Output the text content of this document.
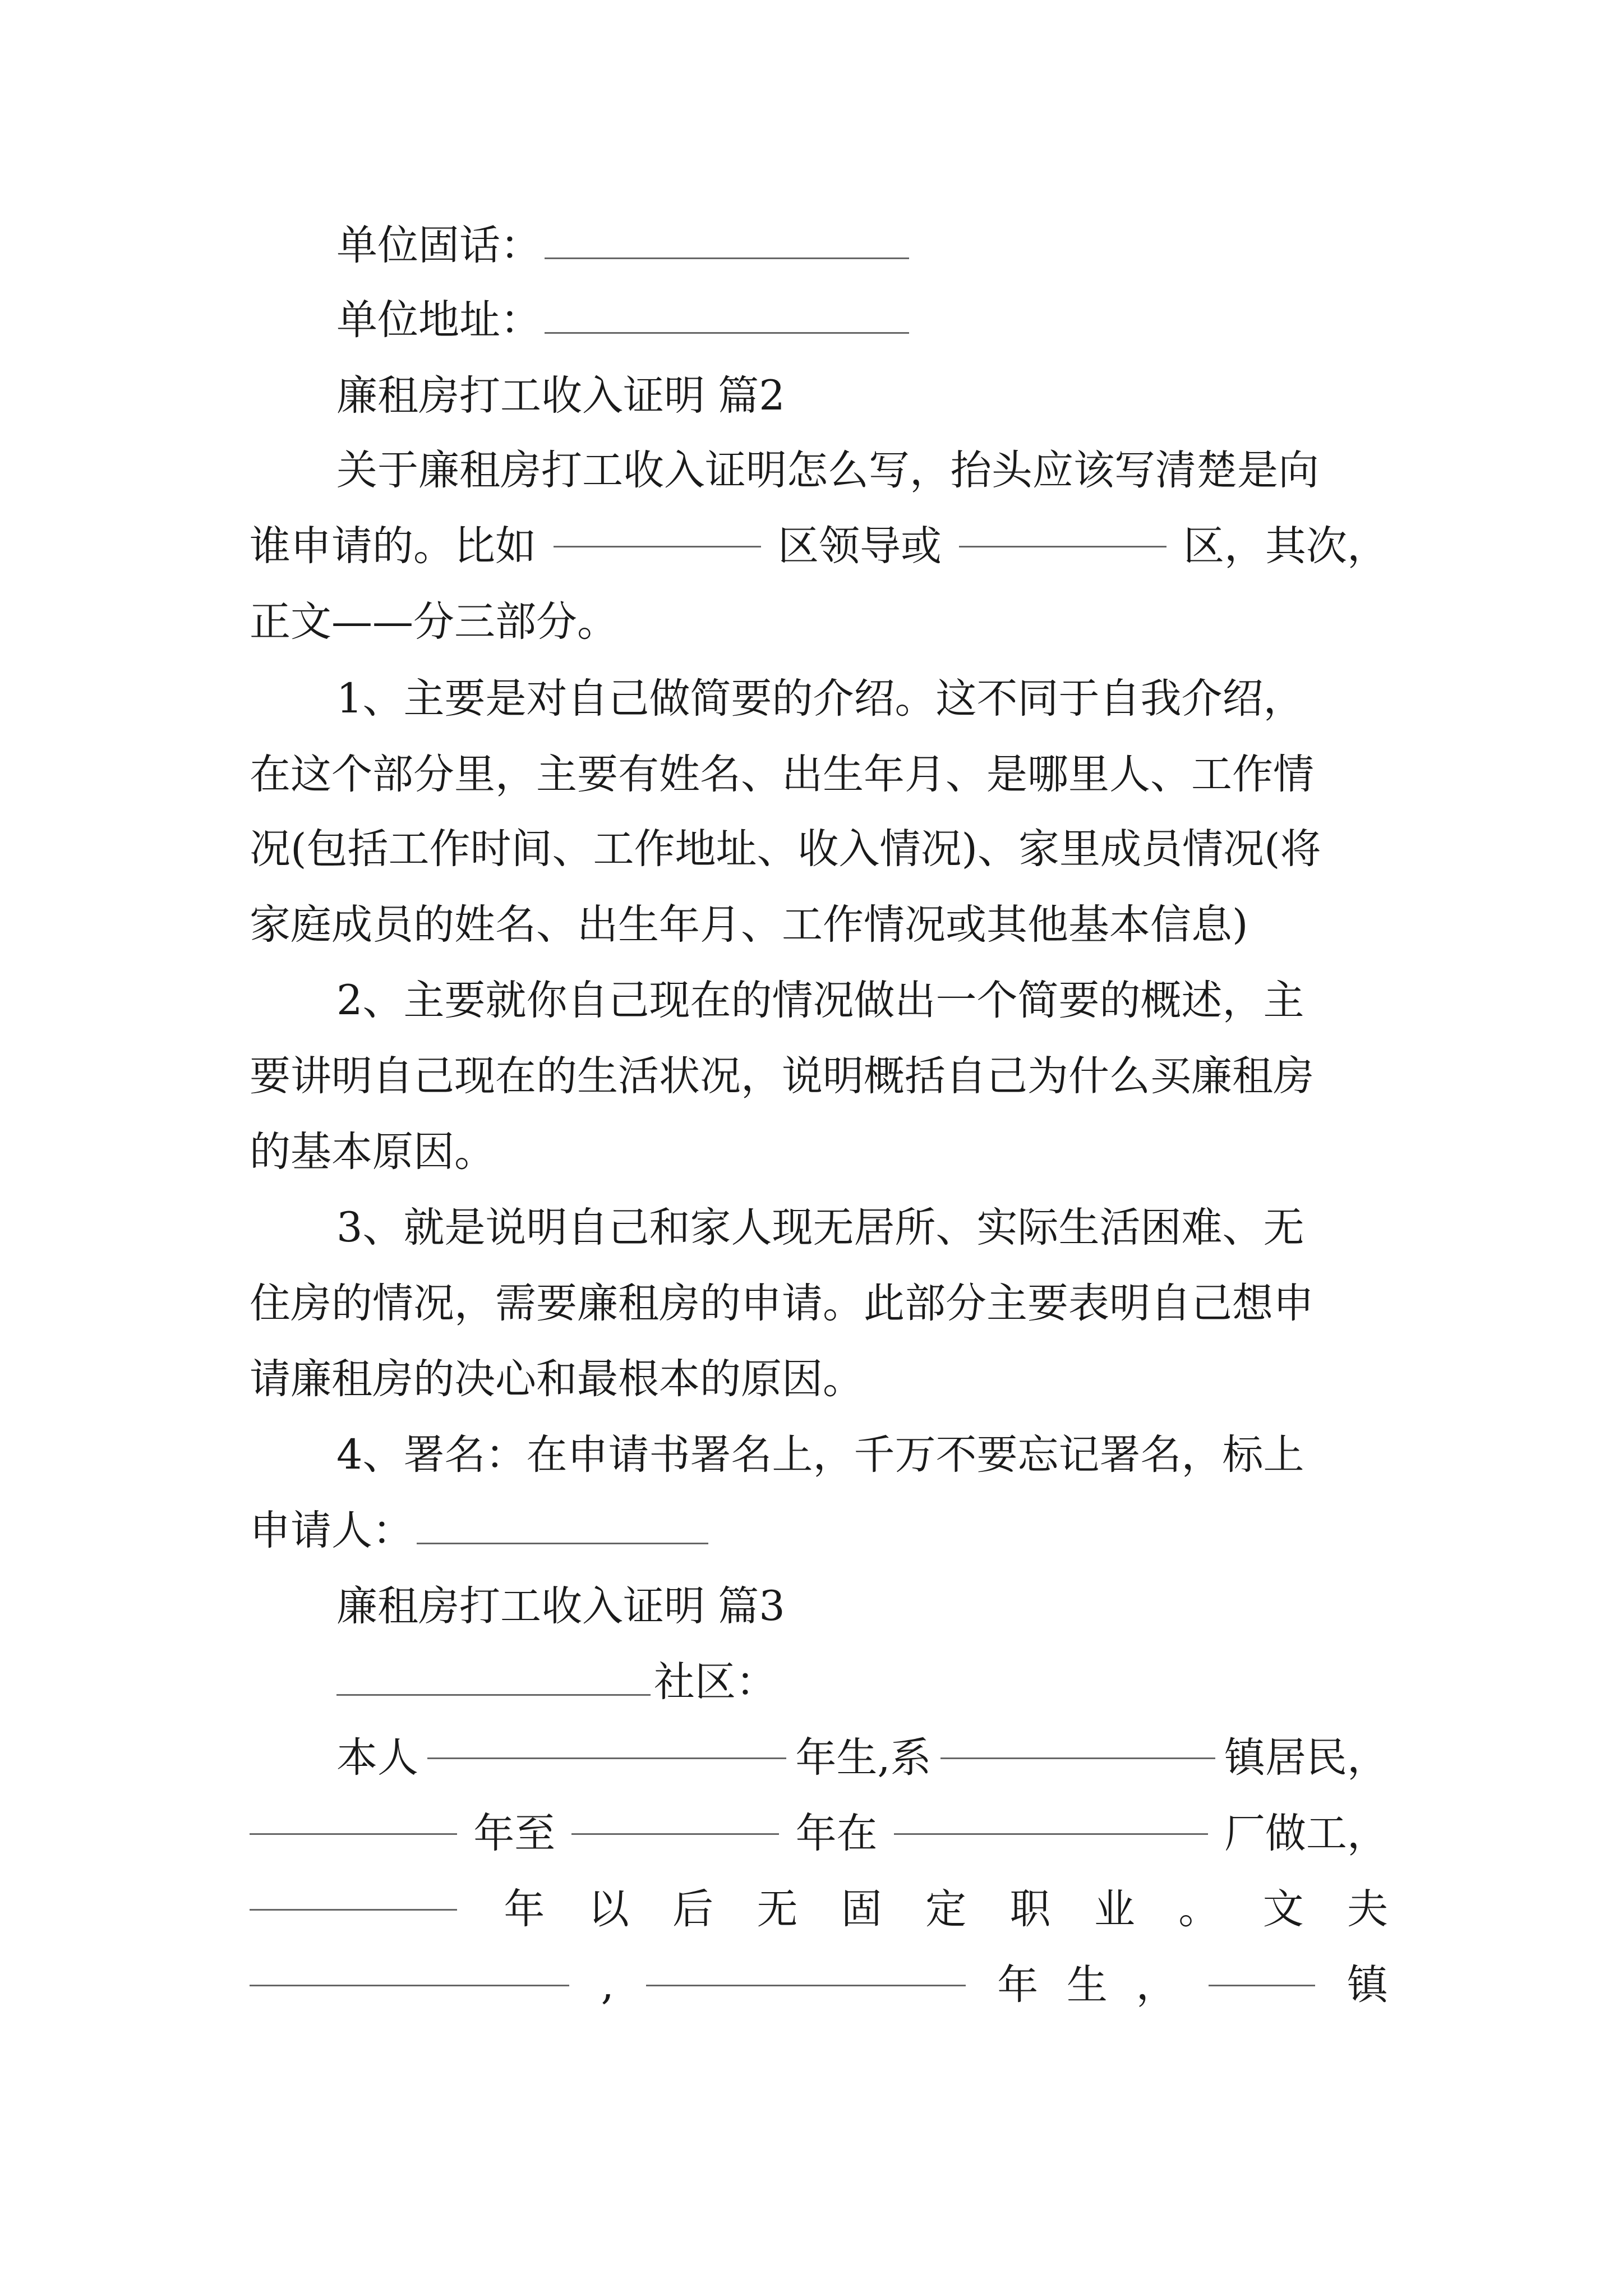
单位固话：
单位地址：
廉租房打工收入证明 篇2
关于廉租房打工收入证明怎么写，抬头应该写清楚是向
谁申请的。比如	区领导或	区，其次，
正文——分三部分。
1、主要是对自己做简要的介绍。这不同于自我介绍，
在这个部分里，主要有姓名、出生年月、是哪里人、工作情
况(包括工作时间、工作地址、收入情况)、家里成员情况(将
家庭成员的姓名、出生年月、工作情况或其他基本信息)
2、主要就你自己现在的情况做出一个简要的概述，主
要讲明自己现在的生活状况，说明概括自己为什么买廉租房
的基本原因。
3、就是说明自己和家人现无居所、实际生活困难、无
住房的情况，需要廉租房的申请。此部分主要表明自己想申
请廉租房的决心和最根本的原因。
4、署名：在申请书署名上，千万不要忘记署名，标上
申请人：
廉租房打工收入证明 篇3
社区：
本人	年生,系	镇居民，
年至	年在	厂做工，
年 以 后 无 固 定 职 业 。 文 夫
,	年 生 ，	镇
